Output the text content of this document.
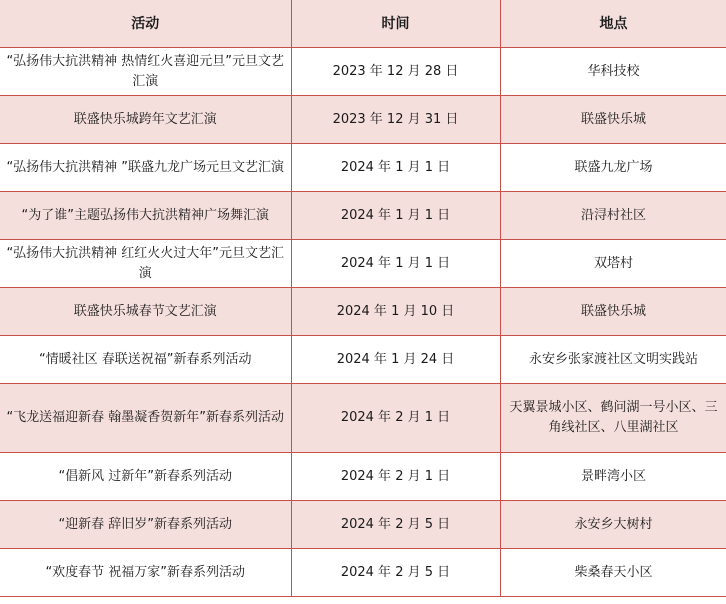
活动	时间	地点
“弘扬伟大抗洪精神 热情红火喜迎元旦”元旦文艺汇演	2023 年 12 月 28 日	华科技校
联盛快乐城跨年文艺汇演	2023 年 12 月 31 日	联盛快乐城
“弘扬伟大抗洪精神 ”联盛九龙广场元旦文艺汇演	2024 年 1 月 1 日	联盛九龙广场
“为了谁”主题弘扬伟大抗洪精神广场舞汇演	2024 年 1 月 1 日	沿浔村社区
“弘扬伟大抗洪精神 红红火火过大年”元旦文艺汇演	2024 年 1 月 1 日	双塔村
联盛快乐城春节文艺汇演	2024 年 1 月 10 日	联盛快乐城
“情暖社区 春联送祝福”新春系列活动	2024 年 1 月 24 日	永安乡张家渡社区文明实践站
“飞龙送福迎新春 翰墨凝香贺新年”新春系列活动	2024 年 2 月 1 日	天翼景城小区、鹤问湖一号小区、三角线社区、八里湖社区
“倡新风 过新年”新春系列活动	2024 年 2 月 1 日	景畔湾小区
“迎新春 辞旧岁”新春系列活动	2024 年 2 月 5 日	永安乡大树村
“欢度春节 祝福万家”新春系列活动	2024 年 2 月 5 日	柴桑春天小区
